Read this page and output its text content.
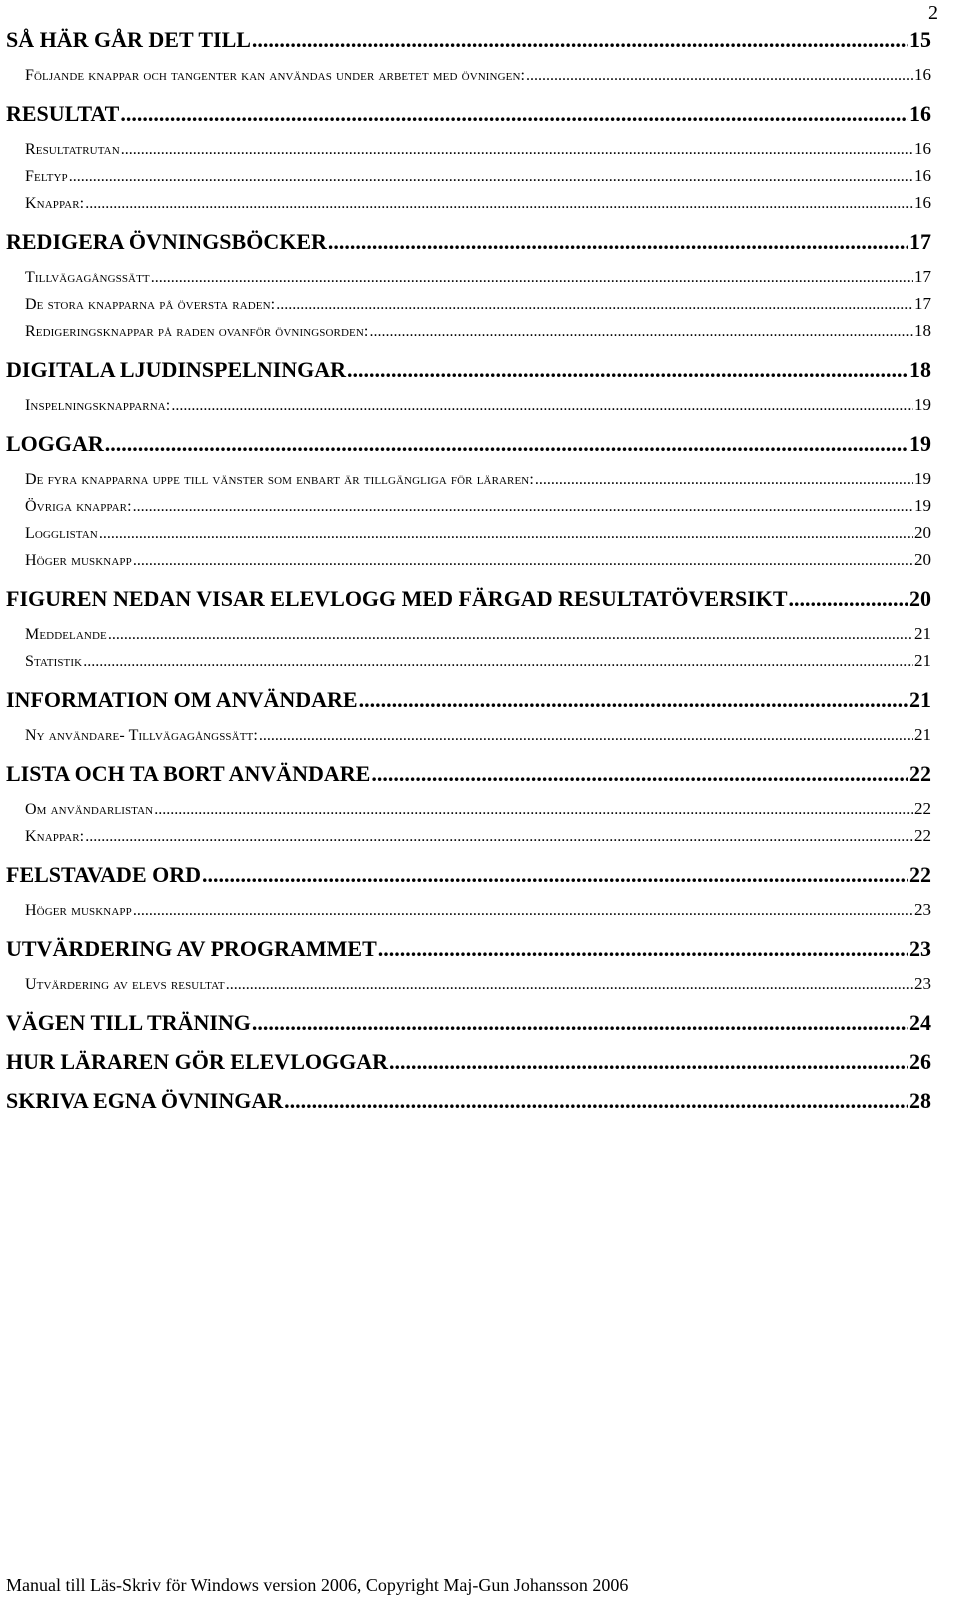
2
SÅ HÄR GÅR DET TILL .....	15
Följande knappar och tangenter kan användas under arbetet med övningen: .....	16
RESULTAT .....	16
Resultatrutan .....	16
Feltyp .....	16
Knappar: .....	16
REDIGERA ÖVNINGSBÖCKER .....	17
Tillvägagångssätt .....	17
De stora knapparna på översta raden: .....	17
Redigeringsknappar på raden ovanför övningsorden: .....	18
DIGITALA LJUDINSPELNINGAR .....	18
Inspelningsknapparna: .....	19
LOGGAR .....	19
De fyra knapparna uppe till vänster som enbart är tillgängliga för läraren: .....	19
Övriga knappar: .....	19
Logglistan .....	20
Höger musknapp .....	20
FIGUREN NEDAN VISAR ELEVLOGG MED FÄRGAD RESULTATÖVERSIKT .....	20
Meddelande .....	21
Statistik .....	21
INFORMATION OM ANVÄNDARE .....	21
Ny användare- Tillvägagångssätt: .....	21
LISTA OCH TA BORT ANVÄNDARE .....	22
Om användarlistan .....	22
Knappar: .....	22
FELSTAVADE ORD .....	22
Höger musknapp .....	23
UTVÄRDERING AV PROGRAMMET .....	23
Utvärdering av elevs resultat .....	23
VÄGEN TILL TRÄNING .....	24
HUR LÄRAREN GÖR ELEVLOGGAR .....	26
SKRIVA EGNA ÖVNINGAR .....	28
Manual till Läs-Skriv för Windows version 2006, Copyright Maj-Gun Johansson 2006
